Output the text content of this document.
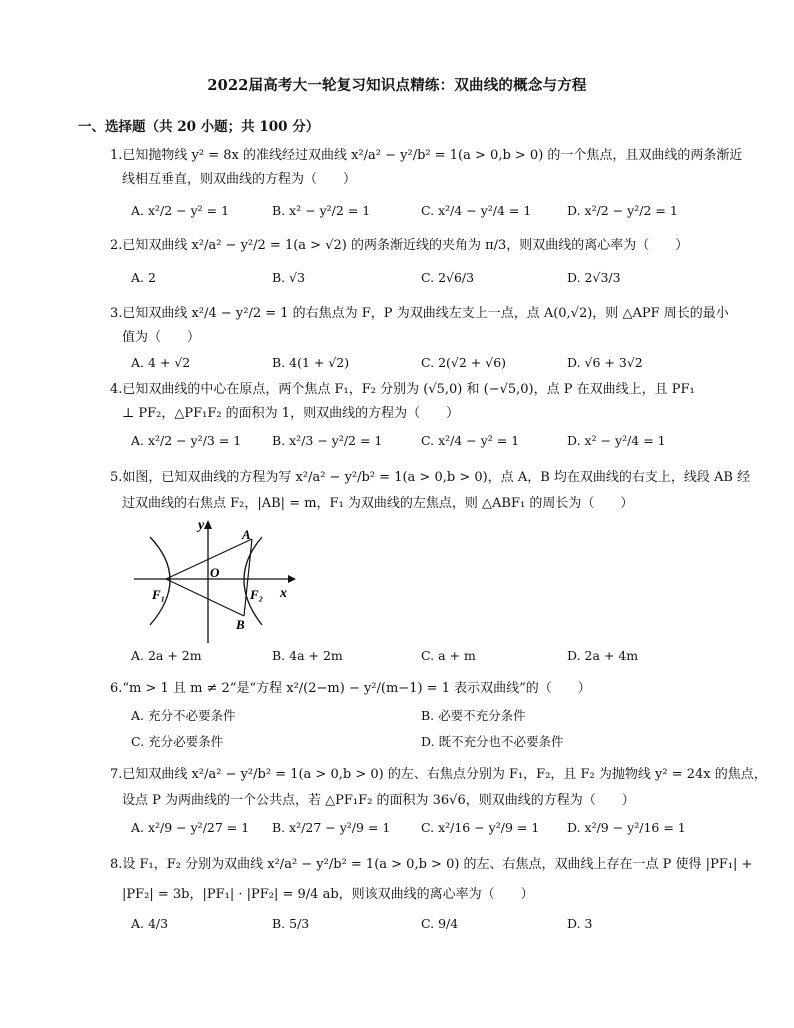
2022届高考大一轮复习知识点精练：双曲线的概念与方程
一、选择题（共 20 小题；共 100 分）
1.已知抛物线 y² = 8x 的准线经过双曲线 x²/a² − y²/b² = 1(a > 0,b > 0) 的一个焦点，且双曲线的两条渐近
线相互垂直，则双曲线的方程为（　　）
A. x²/2 − y² = 1	B. x² − y²/2 = 1	C. x²/4 − y²/4 = 1	D. x²/2 − y²/2 = 1
2.已知双曲线 x²/a² − y²/2 = 1(a > √2) 的两条渐近线的夹角为 π/3，则双曲线的离心率为（　　）
A. 2	B. √3	C. 2√6/3	D. 2√3/3
3.已知双曲线 x²/4 − y²/2 = 1 的右焦点为 F，P 为双曲线左支上一点，点 A(0,√2)，则 △APF 周长的最小
值为（　　）
A. 4 + √2	B. 4(1 + √2)	C. 2(√2 + √6)	D. √6 + 3√2
4.已知双曲线的中心在原点，两个焦点 F₁，F₂ 分别为 (√5,0) 和 (−√5,0)，点 P 在双曲线上，且 PF₁
⊥ PF₂，△PF₁F₂ 的面积为 1，则双曲线的方程为（　　）
A. x²/2 − y²/3 = 1 B. x²/3 − y²/2 = 1	C. x²/4 − y² = 1	D. x² − y²/4 = 1
5.如图，已知双曲线的方程为写 x²/a² − y²/b² = 1(a > 0,b > 0)，点 A，B 均在双曲线的右支上，线段 AB 经
过双曲线的右焦点 F₂，|AB| = m，F₁ 为双曲线的左焦点，则 △ABF₁ 的周长为（　　）
y
x
O
A
B
F₁	F₂
A. 2a + 2m	B. 4a + 2m	C. a + m	D. 2a + 4m
6.“m > 1 且 m ≠ 2”是“方程 x²/(2−m) − y²/(m−1) = 1 表示双曲线”的（　　）
A. 充分不必要条件	B. 必要不充分条件
C. 充分必要条件	D. 既不充分也不必要条件
7.已知双曲线 x²/a² − y²/b² = 1(a > 0,b > 0) 的左、右焦点分别为 F₁，F₂，且 F₂ 为抛物线 y² = 24x 的焦点，
设点 P 为两曲线的一个公共点，若 △PF₁F₂ 的面积为 36√6，则双曲线的方程为（　　）
A. x²/9 − y²/27 = 1 B. x²/27 − y²/9 = 1 C. x²/16 − y²/9 = 1 D. x²/9 − y²/16 = 1
8.设 F₁，F₂ 分别为双曲线 x²/a² − y²/b² = 1(a > 0,b > 0) 的左、右焦点，双曲线上存在一点 P 使得 |PF₁| +
|PF₂| = 3b，|PF₁| · |PF₂| = 9/4 ab，则该双曲线的离心率为（　　）
A. 4/3	B. 5/3	C. 9/4	D. 3
